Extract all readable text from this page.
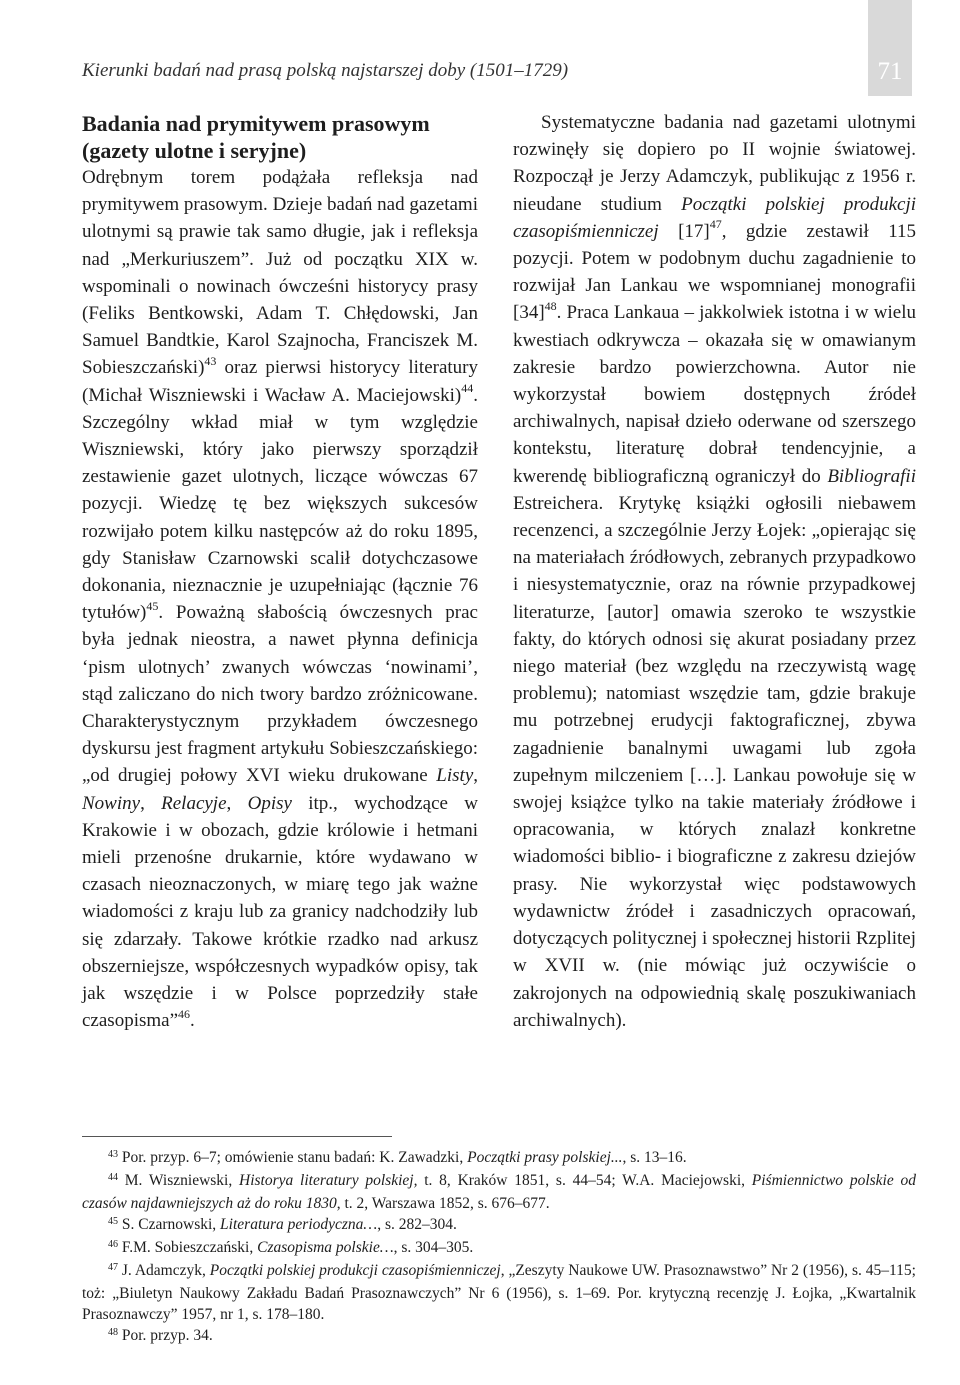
71
Kierunki badań nad prasą polską najstarszej doby (1501–1729)
Badania nad prymitywem prasowym
(gazety ulotne i seryjne)

Odrębnym torem podążała refleksja nad prymitywem prasowym. Dzieje badań nad gazetami ulotnymi są prawie tak samo długie, jak i refleksja nad „Merkuriuszem”. Już od początku XIX w. wspominali o nowinach ówcześni historycy prasy (Feliks Bentkowski, Adam T. Chłędowski, Jan Samuel Bandtkie, Karol Szajnocha, Franciszek M. Sobieszczański)$^{43}$ oraz pierwsi historycy literatury (Michał Wiszniewski i Wacław A. Maciejowski)$^{44}$. Szczególny wkład miał w tym względzie Wiszniewski, który jako pierwszy sporządził zestawienie gazet ulotnych, liczące wówczas 67 pozycji. Wiedzę tę bez większych sukcesów rozwijało potem kilku następców aż do roku 1895, gdy Stanisław Czarnowski scalił dotychczasowe dokonania, nieznacznie je uzupełniając (łącznie 76 tytułów)$^{45}$. Poważną słabością ówczesnych prac była jednak nieostra, a nawet płynna definicja ‘pism ulotnych’ zwanych wówczas ‘nowinami’, stąd zaliczano do nich twory bardzo zróżnicowane. Charakterystycznym przykładem ówczesnego dyskursu jest fragment artykułu Sobieszczańskiego: „od drugiej połowy XVI wieku drukowane Listy, Nowiny, Relacyje, Opisy itp., wychodzące w Krakowie i w obozach, gdzie królowie i hetmani mieli przenośne drukarnie, które wydawano w czasach nieoznaczonych, w miarę tego jak ważne wiadomości z kraju lub za granicy nadchodziły lub się zdarzały. Takowe krótkie rzadko nad arkusz obszerniejsze, współczesnych wypadków opisy, tak jak wszędzie i w Polsce poprzedziły stałe czasopisma”$^{46}$.

Systematyczne badania nad gazetami ulotnymi rozwinęły się dopiero po II wojnie światowej. Rozpoczął je Jerzy Adamczyk, publikując z 1956 r. nieudane studium Początki polskiej produkcji czasopiśmienniczej $[17]^{47}$, gdzie zestawił 115 pozycji. Potem w podobnym duchu zagadnienie to rozwijał Jan Lankau we wspomnianej monografii $[34]^{48}$. Praca Lankaua – jakkolwiek istotna i w wielu kwestiach odkrywcza – okazała się w omawianym zakresie bardzo powierzchowna. Autor nie wykorzystał bowiem dostępnych źródeł archiwalnych, napisał dzieło oderwane od szerszego kontekstu, literaturę dobrał tendencyjnie, a kwerendę bibliograficzną ograniczył do Bibliografii Estreichera. Krytykę książki ogłosili niebawem recenzenci, a szczególnie Jerzy Łojek: „opierając się na materiałach źródłowych, zebranych przypadkowo i niesystematycznie, oraz na równie przypadkowej literaturze, [autor] omawia szeroko te wszystkie fakty, do których odnosi się akurat posiadany przez niego materiał (bez względu na rzeczywistą wagę problemu); natomiast wszędzie tam, gdzie brakuje mu potrzebnej erudycji faktograficznej, zbywa zagadnienie banalnymi uwagami lub zgoła zupełnym milczeniem […]. Lankau powołuje się w swojej książce tylko na takie materiały źródłowe i opracowania, w których znalazł konkretne wiadomości biblio- i biograficzne z zakresu dziejów prasy. Nie wykorzystał więc podstawowych wydawnictw źródeł i zasadniczych opracowań, dotyczących politycznej i społecznej historii Rzplitej w XVII w. (nie mówiąc już oczywiście o zakrojonych na odpowiednią skalę poszukiwaniach archiwalnych).

$^{43}$ Por. przyp. 6–7; omówienie stanu badań: K. Zawadzki, Początki prasy polskiej..., s. 13–16.

$^{44}$ M. Wiszniewski, Historya literatury polskiej, t. 8, Kraków 1851, s. 44–54; W.A. Maciejowski, Piśmiennictwo polskie od czasów najdawniejszych aż do roku 1830, t. 2, Warszawa 1852, s. 676–677.

$^{45}$ S. Czarnowski, Literatura periodyczna…, s. 282–304.

$^{46}$ F.M. Sobieszczański, Czasopisma polskie…, s. 304–305.

$^{47}$ J. Adamczyk, Początki polskiej produkcji czasopiśmienniczej, „Zeszyty Naukowe UW. Prasoznawstwo” Nr 2 (1956), s. 45–115; toż: „Biuletyn Naukowy Zakładu Badań Prasoznawczych” Nr 6 (1956), s. 1–69. Por. krytyczną recenzję J. Łojka, „Kwartalnik Prasoznawczy” 1957, nr 1, s. 178–180.

$^{48}$ Por. przyp. 34.
